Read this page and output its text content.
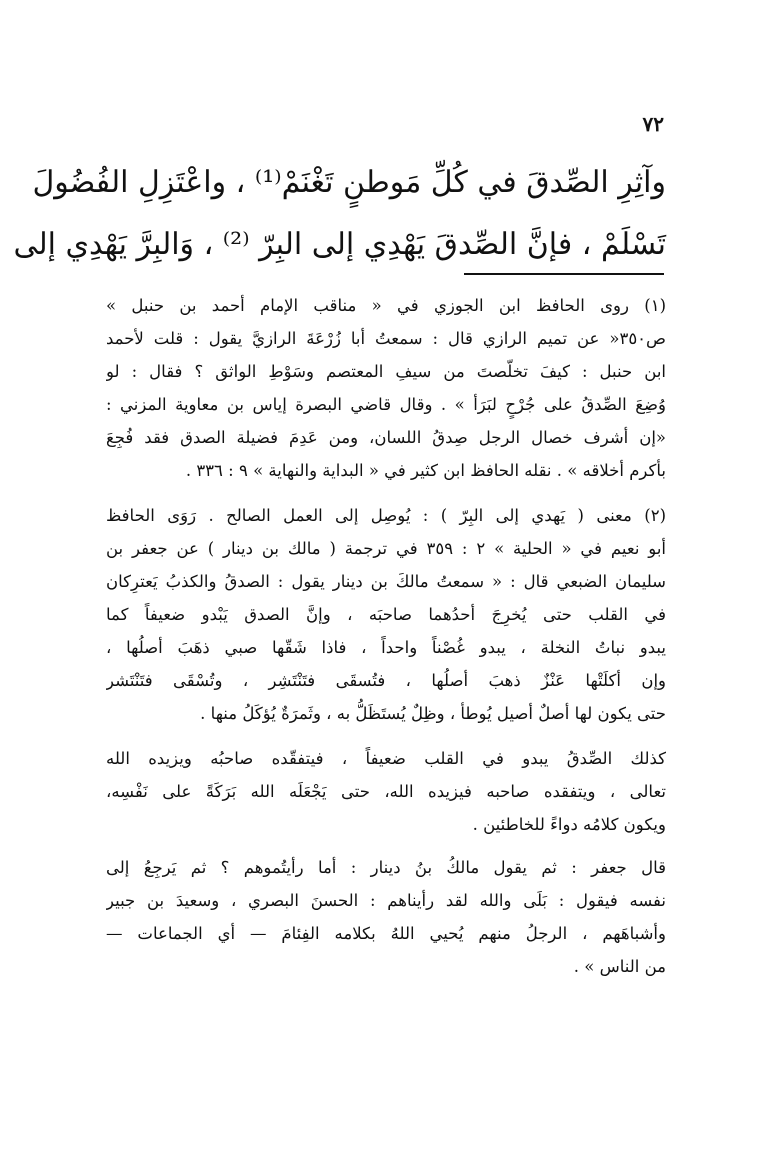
٧٢
وآثِرِ الصِّدقَ في كُلِّ مَوطنٍ تَغْنَمْ⁽¹⁾ ، واعْتَزِلِ الفُضُولَ
تَسْلَمْ ، فإنَّ الصِّدقَ يَهْدِي إلى البِرّ ⁽²⁾ ، وَالبِرَّ يَهْدِي إلى
(١) روى الحافظ ابن الجوزي في « مناقب الإمام أحمد بن حنبل »
ص٣٥٠« عن تميم الرازي قال : سمعتُ أبا زُرْعَةَ الرازيَّ يقول : قلت لأحمد
ابن حنبل : كيفَ تخلّصتَ من سيفِ المعتصم وسَوْطِ الواثق ؟ فقال : لو
وُضِعَ الصِّدقُ على جُرْحٍ لبَرَأ » . وقال قاضي البصرة إياس بن معاوية المزني :
«إن أشرف خصال الرجل صِدقُ اللسان، ومن عَدِمَ فضيلة الصدق فقد فُجِعَ
بأكرم أخلاقه » . نقله الحافظ ابن كثير في « البداية والنهاية » ٩ : ٣٣٦ .
(٢) معنى ( يَهدي إلى البِرّ ) : يُوصِل إلى العمل الصالح . رَوَى الحافظ
أبو نعيم في « الحلية » ٢ : ٣٥٩ في ترجمة ( مالك بن دينار ) عن جعفر بن
سليمان الضبعي قال : « سمعتُ مالكَ بن دينار يقول : الصدقُ والكذبُ يَعترِكان
في القلب حتى يُخرِجَ أحدُهما صاحبَه ، وإنَّ الصدق يَبْدو ضعيفاً كما
يبدو نباتُ النخلة ، يبدو غُصْناً واحداً ، فاذا شَقّها صبي ذهَبَ أصلُها ،
وإن أكلَتْها عَنْزٌ ذهبَ أصلُها ، فتُسقَى فتَنْتَشِر ، وتُسْقَى فتَنْتَشر
حتى يكون لها أصلٌ أصيل يُوطأ ، وظِلٌ يُستَظَلُّ به ، وثَمرَةٌ يُؤكَلُ منها .
كذلك الصِّدقُ يبدو في القلب ضعيفاً ، فيتفقّده صاحبُه ويزيده الله
تعالى ، ويتفقده صاحبه فيزيده الله، حتى يَجْعَلَه الله بَرَكَةً على نَفْسِه،
ويكون كلامُه دواءً للخاطئين .
قال جعفر : ثم يقول مالكُ بنُ دينار : أما رأيتُموهم ؟ ثم يَرجِعُ إلى
نفسه فيقول : بَلَى والله لقد رأيناهم : الحسنَ البصري ، وسعيدَ بن جبير
وأشباهَهم ، الرجلُ منهم يُحيي اللهُ بكلامه الفِئامَ — أي الجماعات —
من الناس » .
